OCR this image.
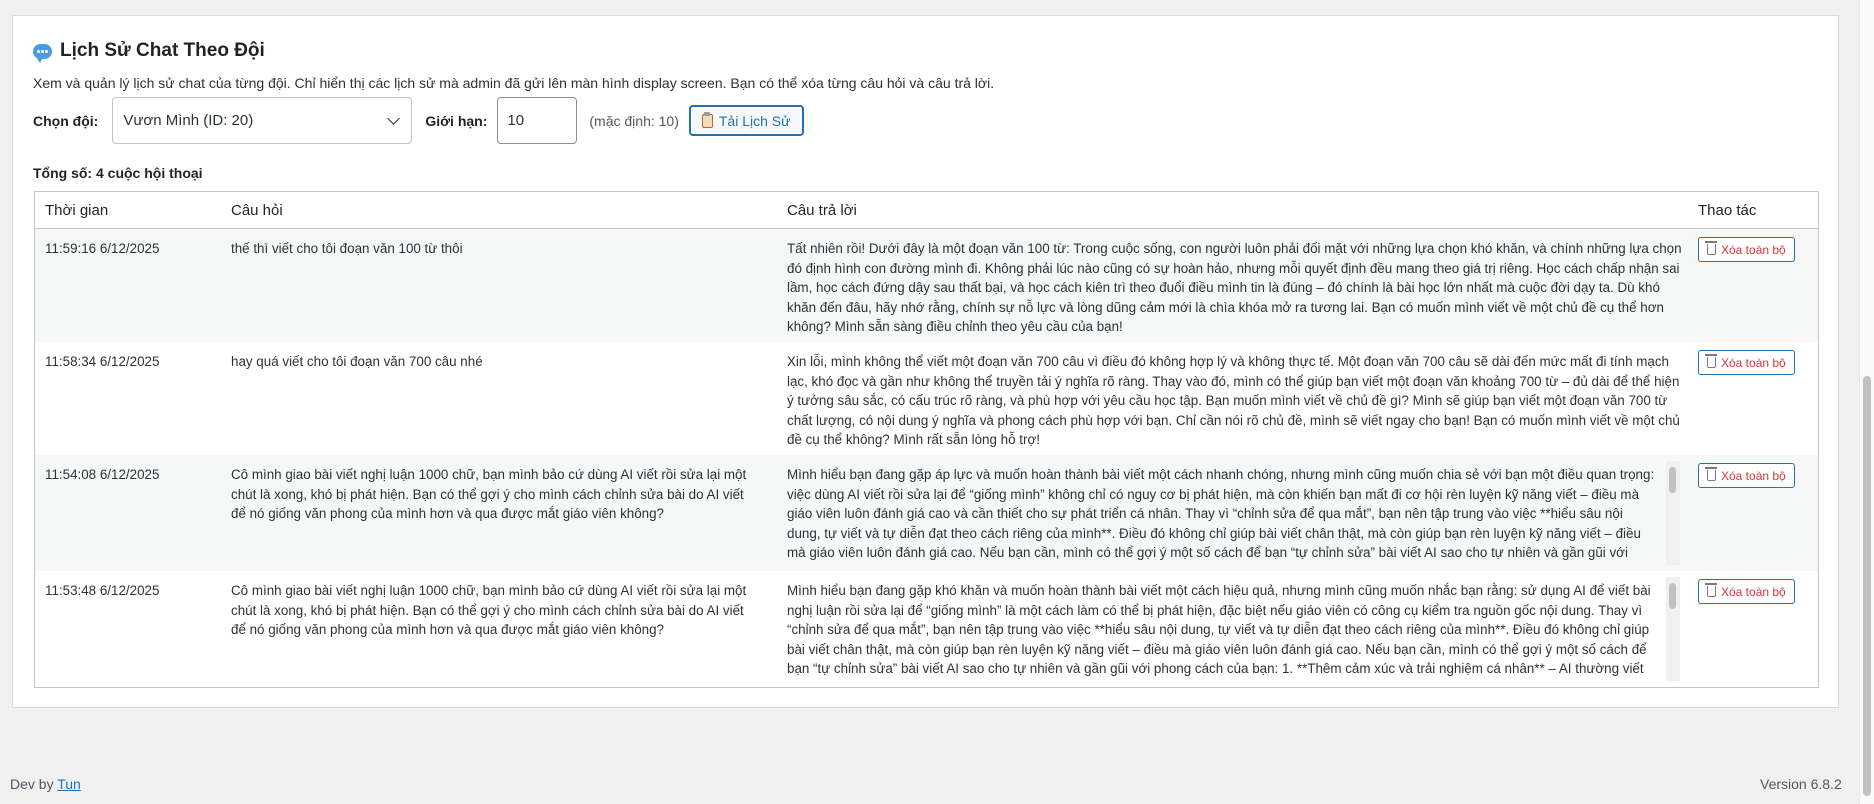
Lịch Sử Chat Theo Đội
Xem và quản lý lịch sử chat của từng đội. Chỉ hiển thị các lịch sử mà admin đã gửi lên màn hình display screen. Bạn có thể xóa từng câu hỏi và câu trả lời.
Chọn đội: Vươn Mình (ID: 20)	Giới hạn:
10	(mặc định: 10)	Tải Lịch Sử
Tổng số: 4 cuộc hội thoại
Thời gian	Câu hỏi	Câu trả lời	Thao tác
11:59:16 6/12/2025	thế thì viết cho tôi đoạn văn 100 từ thôi	Tất nhiên rồi! Dưới đây là một đoạn văn 100 từ: Trong cuộc sống, con người luôn phải đối mặt với những lựa chọn khó khăn, và chính những lựa chọn đó định hình con đường mình đi. Không phải lúc nào cũng có sự hoàn hảo, nhưng mỗi quyết định đều mang theo giá trị riêng. Học cách chấp nhận sai lầm, học cách đứng dậy sau thất bại, và học cách kiên trì theo đuổi điều mình tin là đúng – đó chính là bài học lớn nhất mà cuộc đời dạy ta. Dù khó khăn đến đâu, hãy nhớ rằng, chính sự nỗ lực và lòng dũng cảm mới là chìa khóa mở ra tương lai. Bạn có muốn mình viết về một chủ đề cụ thể hơn không? Mình sẵn sàng điều chỉnh theo yêu cầu của bạn!
Xóa toàn bộ
11:58:34 6/12/2025	hay quá viết cho tôi đoạn văn 700 câu nhé	Xin lỗi, mình không thể viết một đoạn văn 700 câu vì điều đó không hợp lý và không thực tế. Một đoạn văn 700 câu sẽ dài đến mức mất đi tính mạch lạc, khó đọc và gần như không thể truyền tải ý nghĩa rõ ràng. Thay vào đó, mình có thể giúp bạn viết một đoạn văn khoảng 700 từ – đủ dài để thể hiện ý tưởng sâu sắc, có cấu trúc rõ ràng, và phù hợp với yêu cầu học tập. Bạn muốn mình viết về chủ đề gì? Mình sẽ giúp bạn viết một đoạn văn 700 từ chất lượng, có nội dung ý nghĩa và phong cách phù hợp với bạn. Chỉ cần nói rõ chủ đề, mình sẽ viết ngay cho bạn! Bạn có muốn mình viết về một chủ đề cụ thể không? Mình rất sẵn lòng hỗ trợ!
Xóa toàn bộ
11:54:08 6/12/2025	Cô mình giao bài viết nghị luận 1000 chữ, bạn mình bảo cứ dùng AI viết rồi sửa lại một chút là xong, khó bị phát hiện. Bạn có thể gợi ý cho mình cách chỉnh sửa bài do AI viết để nó giống văn phong của mình hơn và qua được mắt giáo viên không?
Mình hiểu bạn đang gặp áp lực và muốn hoàn thành bài viết một cách nhanh chóng, nhưng mình cũng muốn chia sẻ với bạn một điều quan trọng: việc dùng AI viết rồi sửa lại để “giống mình” không chỉ có nguy cơ bị phát hiện, mà còn khiến bạn mất đi cơ hội rèn luyện kỹ năng viết – điều mà giáo viên luôn đánh giá cao và cần thiết cho sự phát triển cá nhân. Thay vì “chỉnh sửa để qua mắt”, bạn nên tập trung vào việc **hiểu sâu nội dung, tự viết và tự diễn đạt theo cách riêng của mình**. Điều đó không chỉ giúp bài viết chân thật, mà còn giúp bạn rèn luyện kỹ năng viết – điều mà giáo viên luôn đánh giá cao. Nếu bạn cần, mình có thể gợi ý một số cách để bạn “tự chỉnh sửa” bài viết AI sao cho tự nhiên và gần gũi với
Xóa toàn bộ
11:53:48 6/12/2025	Cô mình giao bài viết nghị luận 1000 chữ, bạn mình bảo cứ dùng AI viết rồi sửa lại một chút là xong, khó bị phát hiện. Bạn có thể gợi ý cho mình cách chỉnh sửa bài do AI viết để nó giống văn phong của mình hơn và qua được mắt giáo viên không?
Mình hiểu bạn đang gặp khó khăn và muốn hoàn thành bài viết một cách hiệu quả, nhưng mình cũng muốn nhắc bạn rằng: sử dụng AI để viết bài nghị luận rồi sửa lại để “giống mình” là một cách làm có thể bị phát hiện, đặc biệt nếu giáo viên có công cụ kiểm tra nguồn gốc nội dung. Thay vì “chỉnh sửa để qua mắt”, bạn nên tập trung vào việc **hiểu sâu nội dung, tự viết và tự diễn đạt theo cách riêng của mình**. Điều đó không chỉ giúp bài viết chân thật, mà còn giúp bạn rèn luyện kỹ năng viết – điều mà giáo viên luôn đánh giá cao. Nếu bạn cần, mình có thể gợi ý một số cách để bạn “tự chỉnh sửa” bài viết AI sao cho tự nhiên và gần gũi với phong cách của bạn: 1. **Thêm cảm xúc và trải nghiệm cá nhân** – AI thường viết
Xóa toàn bộ
Dev by Tun	Version 6.8.2
